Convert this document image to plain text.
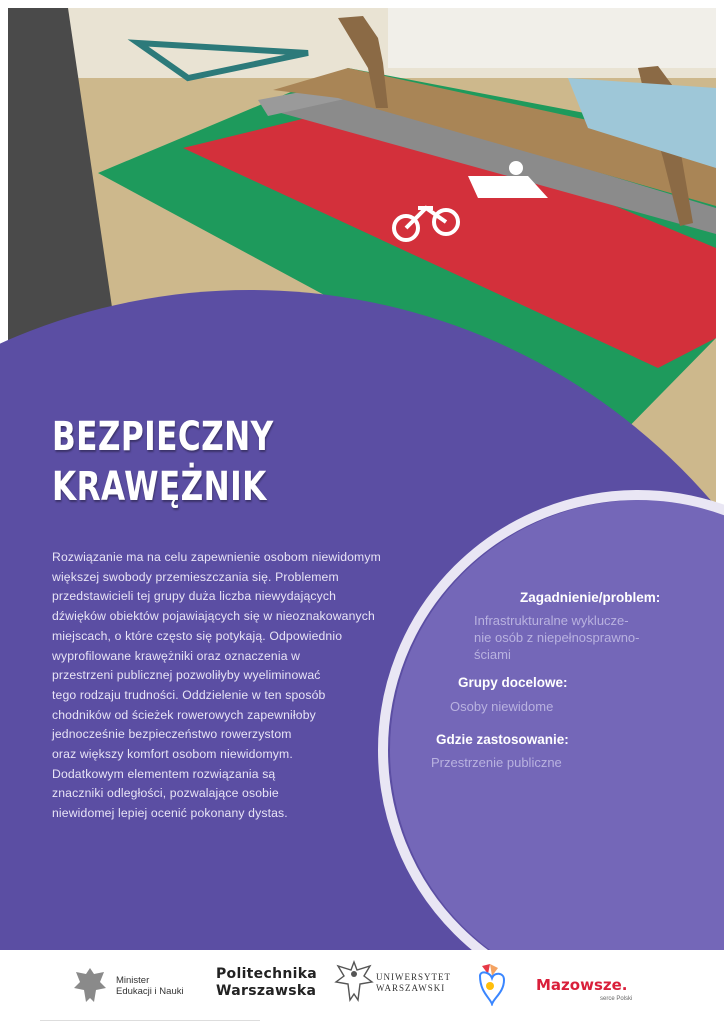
BEZPIECZNY
KRAWĘŻNIK
Rozwiązanie ma na celu zapewnienie osobom niewidomym
większej swobody przemieszczania się. Problemem
przedstawicieli tej grupy duża liczba niewydających
dźwięków obiektów pojawiających się w nieoznakowanych
miejscach, o które często się potykają. Odpowiednio
wyprofilowane krawężniki oraz oznaczenia w
przestrzeni publicznej pozwoliłyby wyeliminować
tego rodzaju trudności. Oddzielenie w ten sposób
chodników od ścieżek rowerowych zapewniłoby
jednocześnie bezpieczeństwo rowerzystom
oraz większy komfort osobom niewidomym.
Dodatkowym elementem rozwiązania są
znaczniki odległości, pozwalające osobie
niewidomej lepiej ocenić pokonany dystas.
Zagadnienie/problem:
Infrastrukturalne wyklucze-
nie osób z niepełnosprawno-
ściami
Grupy docelowe:
Osoby niewidome
Gdzie zastosowanie:
Przestrzenie publiczne
Minister
Edukacji i Nauki
Politechnika
Warszawska
UNIWERSYTET
WARSZAWSKI	Mazowsze.
serce Polski
